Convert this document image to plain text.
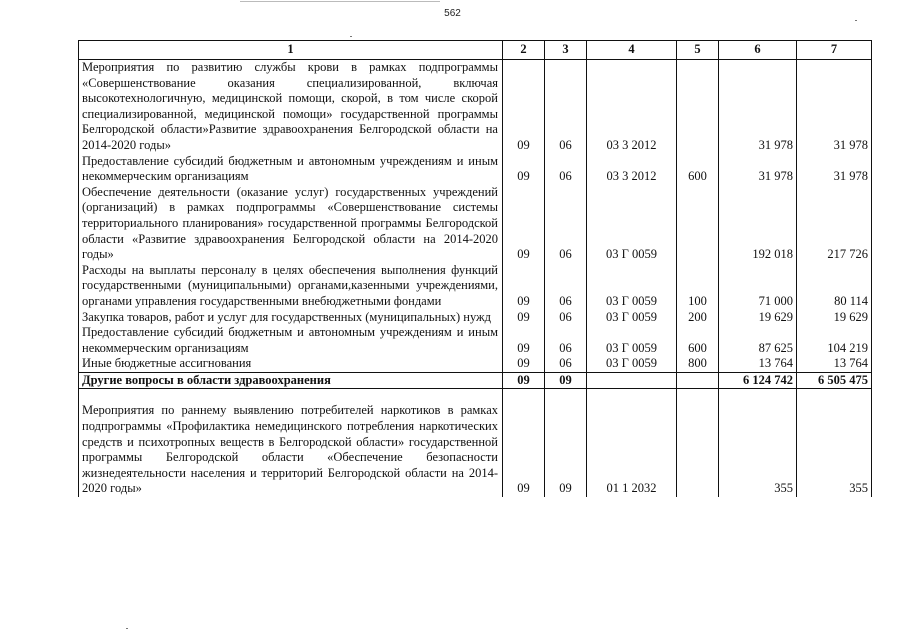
562
1	2	3	4	5	6	7
Мероприятия по развитию службы крови в рамках подпрограммы «Совершенствование оказания специализированной, включая высокотехнологичную, медицинской помощи, скорой, в том числе скорой специализированной, медицинской помощи» государственной программы Белгородской области»Развитие здравоохранения Белгородской области на 2014-2020 годы»	09	06	03 3 2012		31 978	31 978
Предоставление субсидий бюджетным и автономным учреждениям и иным некоммерческим организациям	09	06	03 3 2012	600	31 978	31 978
Обеспечение деятельности (оказание услуг) государственных учреждений (организаций) в рамках подпрограммы «Совершенствование системы территориального планирования» государственной программы Белгородской области «Развитие здравоохранения Белгородской области на 2014-2020 годы»	09	06	03 Г 0059		192 018	217 726
Расходы на выплаты персоналу в целях обеспечения выполнения функций государственными (муниципальными) органами,казенными учреждениями, органами управления государственными внебюджетными фондами	09	06	03 Г 0059	100	71 000	80 114
Закупка товаров, работ и услуг для государственных (муниципальных) нужд	09	06	03 Г 0059	200	19 629	19 629
Предоставление субсидий бюджетным и автономным учреждениям и иным некоммерческим организациям	09	06	03 Г 0059	600	87 625	104 219
Иные бюджетные ассигнования	09	06	03 Г 0059	800	13 764	13 764
Другие вопросы в области здравоохранения	09	09			6 124 742	6 505 475

Мероприятия по раннему выявлению потребителей наркотиков в рамках подпрограммы «Профилактика немедицинского потребления наркотических средств и психотропных веществ в Белгородской области» государственной программы Белгородской области «Обеспечение безопасности жизнедеятельности населения и территорий Белгородской области на 2014-2020 годы»	09	09	01 1 2032		355	355
